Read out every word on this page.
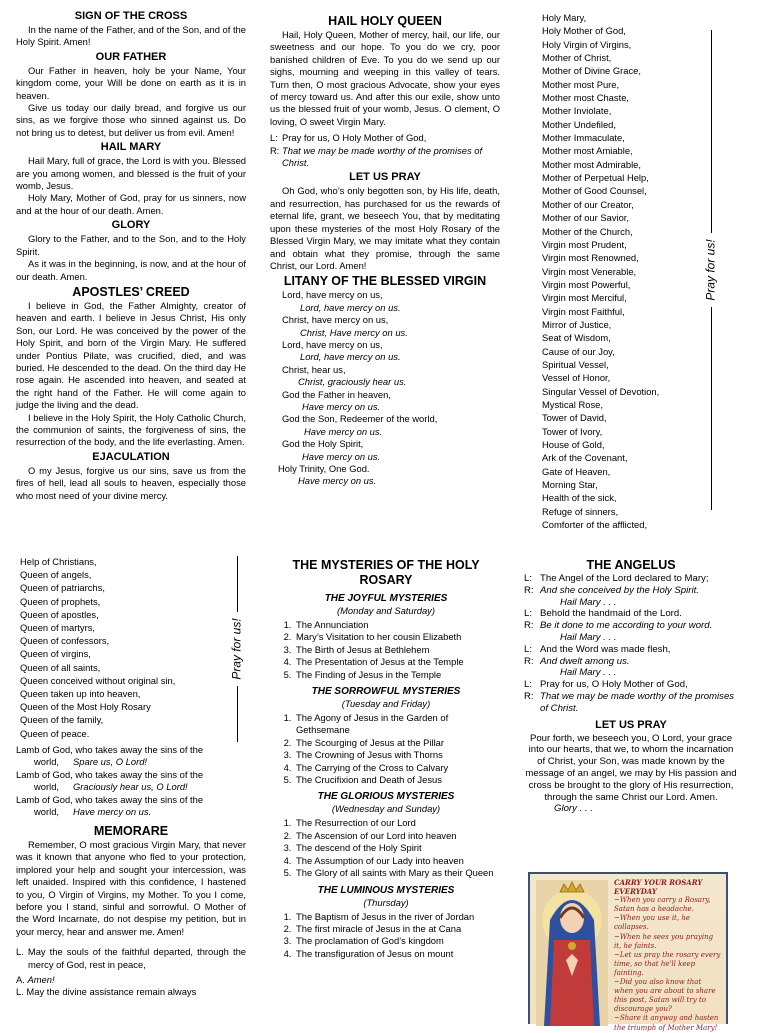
SIGN OF THE CROSS

In the name of the Father, and of the Son, and of the Holy Spirit. Amen!

OUR FATHER

Our Father in heaven, holy be your Name, Your kingdom come, your Will be done on earth as it is in heaven.

Give us today our daily bread, and forgive us our sins, as we forgive those who sinned against us. Do not bring us to detest, but deliver us from evil. Amen!

HAIL MARY

Hail Mary, full of grace, the Lord is with you. Blessed are you among women, and blessed is the fruit of your womb, Jesus.

Holy Mary, Mother of God, pray for us sinners, now and at the hour of our death. Amen.

GLORY

Glory to the Father, and to the Son, and to the Holy Spirit.

As it was in the beginning, is now, and at the hour of our death. Amen.

APOSTLES’ CREED

I believe in God, the Father Almighty, creator of heaven and earth. I believe in Jesus Christ, His only Son, our Lord. He was conceived by the power of the Holy Spirit, and born of the Virgin Mary. He suffered under Pontius Pilate, was crucified, died, and was buried. He descended to the dead. On the third day He rose again. He ascended into heaven, and seated at the right hand of the Father. He will come again to judge the living and the dead.

I believe in the Holy Spirit, the Holy Catholic Church, the communion of saints, the forgiveness of sins, the resurrection of the body, and the life everlasting. Amen.

EJACULATION

O my Jesus, forgive us our sins, save us from the fires of hell, lead all souls to heaven, especially those who most need of your divine mercy.

HAIL HOLY QUEEN

Hail, Holy Queen, Mother of mercy, hail, our life, our sweetness and our hope. To you do we cry, poor banished children of Eve. To you do we send up our sighs, mourning and weeping in this valley of tears. Turn then, O most gracious Advocate, show your eyes of mercy toward us. And after this our exile, show unto us the blessed fruit of your womb, Jesus. O clement, O loving, O sweet Virgin Mary.

L: Pray for us, O Holy Mother of God,
R: That we may be made worthy of the promises of Christ.
LET US PRAY

Oh God, who’s only begotten son, by His life, death, and resurrection, has purchased for us the rewards of eternal life, grant, we beseech You, that by meditating upon these mysteries of the most Holy Rosary of the Blessed Virgin Mary, we may imitate what they contain and obtain what they promise, through the same Christ, our Lord. Amen!

LITANY OF THE BLESSED VIRGIN
Lord, have mercy on us,
Lord, have mercy on us.
Christ, have mercy on us,
Christ, Have mercy on us.
Lord, have mercy on us,
Lord, have mercy on us.
Christ, hear us,
Christ, graciously hear us.
God the Father in heaven,
Have mercy on us.
God the Son, Redeemer of the world,
Have mercy on us.
God the Holy Spirit,
Have mercy on us.
Holy Trinity, One God.
Have mercy on us.
Holy Mary,
Holy Mother of God,
Holy Virgin of Virgins,
Mother of Christ,
Mother of Divine Grace,
Mother most Pure,
Mother most Chaste,
Mother Inviolate,
Mother Undefiled,
Mother Immaculate,
Mother most Amiable,
Mother most Admirable,
Mother of Perpetual Help,
Mother of Good Counsel,
Mother of our Creator,
Mother of our Savior,
Mother of the Church,
Virgin most Prudent,
Virgin most Renowned,
Virgin most Venerable,
Virgin most Powerful,
Virgin most Merciful,
Virgin most Faithful,
Mirror of Justice,
Seat of Wisdom,
Cause of our Joy,
Spiritual Vessel,
Vessel of Honor,
Singular Vessel of Devotion,
Mystical Rose,
Tower of David,
Tower of Ivory,
House of Gold,
Ark of the Covenant,
Gate of Heaven,
Morning Star,
Health of the sick,
Refuge of sinners,
Comforter of the afflicted,
Pray for us!
Help of Christians,
Queen of angels,
Queen of patriarchs,
Queen of prophets,
Queen of apostles,
Queen of martyrs,
Queen of confessors,
Queen of virgins,
Queen of all saints,
Queen conceived without original sin,
Queen taken up into heaven,
Queen of the Most Holy Rosary
Queen of the family,
Queen of peace.
Pray for us!
Lamb of God, who takes away the sins of the
world, Spare us, O Lord!
Lamb of God, who takes away the sins of the
world, Graciously hear us, O Lord!
Lamb of God, who takes away the sins of the
world, Have mercy on us.
MEMORARE

Remember, O most gracious Virgin Mary, that never was it known that anyone who fled to your protection, implored your help and sought your intercession, was left unaided. Inspired with this confidence, I hastened to you, O Virgin of Virgins, my Mother. To you I come, before you I stand, sinful and sorrowful. O Mother of the Word Incarnate, do not despise my petition, but in your mercy, hear and answer me. Amen!

L. May the souls of the faithful departed, through the mercy of God, rest in peace,

A. Amen!

L. May the divine assistance remain always

THE MYSTERIES OF THE HOLY ROSARY
THE JOYFUL MYSTERIES
(Monday and Saturday)
1. The Annunciation
2. Mary’s Visitation to her cousin Elizabeth
3. The Birth of Jesus at Bethlehem
4. The Presentation of Jesus at the Temple
5. The Finding of Jesus in the Temple
THE SORROWFUL MYSTERIES
(Tuesday and Friday)
1. The Agony of Jesus in the Garden of Gethsemane
2. The Scourging of Jesus at the Pillar
3. The Crowning of Jesus with Thorns
4. The Carrying of the Cross to Calvary
5. The Crucifixion and Death of Jesus
THE GLORIOUS MYSTERIES
(Wednesday and Sunday)
1. The Resurrection of our Lord
2. The Ascension of our Lord into heaven
3. The descend of the Holy Spirit
4. The Assumption of our Lady into heaven
5. The Glory of all saints with Mary as their Queen
THE LUMINOUS MYSTERIES
(Thursday)
1. The Baptism of Jesus in the river of Jordan
2. The first miracle of Jesus in the at Cana
3. The proclamation of God’s kingdom
4. The transfiguration of Jesus on mount
THE ANGELUS
L: The Angel of the Lord declared to Mary;
R: And she conceived by the Holy Spirit.
Hail Mary . . .
L: Behold the handmaid of the Lord.
R: Be it done to me according to your word.
Hail Mary . . .
L: And the Word was made flesh,
R: And dwelt among us.
Hail Mary . . .
L: Pray for us, O Holy Mother of God,
R: That we may be made worthy of the promises of Christ.
LET US PRAY

Pour forth, we beseech you, O Lord, your grace into our hearts, that we, to whom the incarnation of Christ, your Son, was made known by the message of an angel, we may by His passion and cross be brought to the glory of His resurrection, through the same Christ our Lord. Amen.

Glory . . .
CARRY YOUR ROSARY EVERYDAY
~When you carry a Rosary, Satan has a headache.
~When you use it, he collapses.
~When he sees you praying it, he faints.
~Let us pray the rosary every time, so that he'll keep fainting.
~Did you also know that when you are about to share this post, Satan will try to discourage you?
~Share it anyway and hasten the triumph of Mother Mary!
